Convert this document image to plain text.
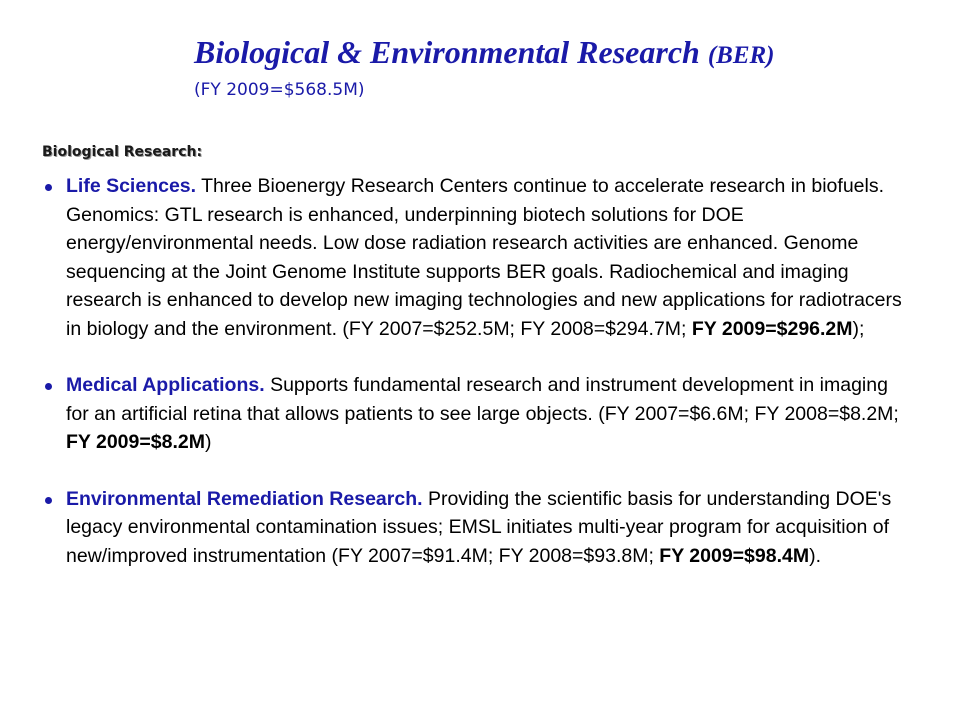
Biological & Environmental Research (BER)
(FY 2009=$568.5M)
Biological Research:
Life Sciences. Three Bioenergy Research Centers continue to accelerate research in biofuels. Genomics: GTL research is enhanced, underpinning biotech solutions for DOE energy/environmental needs. Low dose radiation research activities are enhanced. Genome sequencing at the Joint Genome Institute supports BER goals. Radiochemical and imaging research is enhanced to develop new imaging technologies and new applications for radiotracers in biology and the environment. (FY 2007=$252.5M; FY 2008=$294.7M; FY 2009=$296.2M);
Medical Applications. Supports fundamental research and instrument development in imaging for an artificial retina that allows patients to see large objects. (FY 2007=$6.6M; FY 2008=$8.2M;    FY 2009=$8.2M)
Environmental Remediation Research. Providing the scientific basis for understanding DOE's legacy environmental contamination issues; EMSL initiates multi-year program for acquisition of new/improved instrumentation (FY 2007=$91.4M; FY 2008=$93.8M; FY 2009=$98.4M).
